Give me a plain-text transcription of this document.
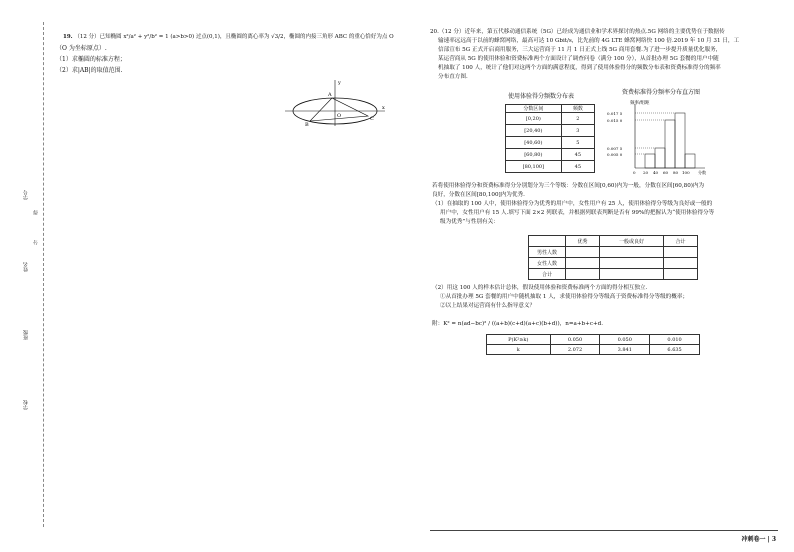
学号
得
姓名
分
班级
学校
19. （12 分）已知椭圆 x²/a² + y²/b² = 1 (a>b>0) 过点(0,1)，且椭圆的离心率为 √3/2，椭圆的内接三角形 ABC 的重心恰好为点 O
（O 为坐标原点）.
（1）求椭圆的标准方程；
（2）求|AB|的取值范围.
y
x
A
B
C
O
20.（12 分）近年来，第五代移动通信系统（5G）已经成为通信业和学术界探讨的热点.5G 网络的主要优势在于数据传
输速率远远高于以前的蜂窝网络，最高可达 10 Gbit/s，比先前的 4G LTE 蜂窝网络快 100 倍.2019 年 10 月 31 日，工
信部宣布 5G 正式开启商用服务，三大运营商于 11 月 1 日正式上线 5G 商用套餐.为了进一步提升质量优化服务，
某运营商从 5G 的使用体验和资费标准两个方面设计了调查问卷（满分 100 分），从首批办理 5G 套餐的用户中随
机抽取了 100 人，统计了他们对这两个方面的满意程度，得到了使用体验得分的频数分布表和资费标准得分的频率
分布直方图.
使用体验得分频数分布表
分数区间	频数
[0,20)	2
[20,40)	3
[40,60)	5
[60,80)	45
[80,100]	45
资费标准得分频率分布直方图
频率/组距
0.017 5
0.015 0
0.007 5
0.005 0
0 20 40 60 80 100 分数
若将使用体验得分和资费标准得分分别划分为三个等级：分数在区间[0,60)内为一般，分数在区间[60,80)内为
良好，分数在区间[80,100]内为优秀.
（1）在抽取的 100 人中，使用体验得分为优秀的用户中，女性用户有 25 人，使用体验得分等级为良好或一般的
用户中，女性用户有 15 人.填写下面 2×2 列联表，并根据列联表判断是否有 99%的把握认为“使用体验得分等
级为优秀”与性别有关：
	优秀	一般或良好	合计
男性人数			
女性人数			
合计			
（2）用这 100 人的样本估计总体，假设使用体验和资费标准两个方面的得分相互独立.
①从首批办理 5G 套餐的用户中随机抽取 1 人，求使用体验得分等级高于资费标准得分等级的概率；
②以上结果对运营商有什么指导意义？
附：K² = n(ad−bc)² / ((a+b)(c+d)(a+c)(b+d))，n=a+b+c+d.
P(K²≥k)	0.050	0.050	0.010
k	2.072	3.841	6.635
冲刺卷一 | 3
